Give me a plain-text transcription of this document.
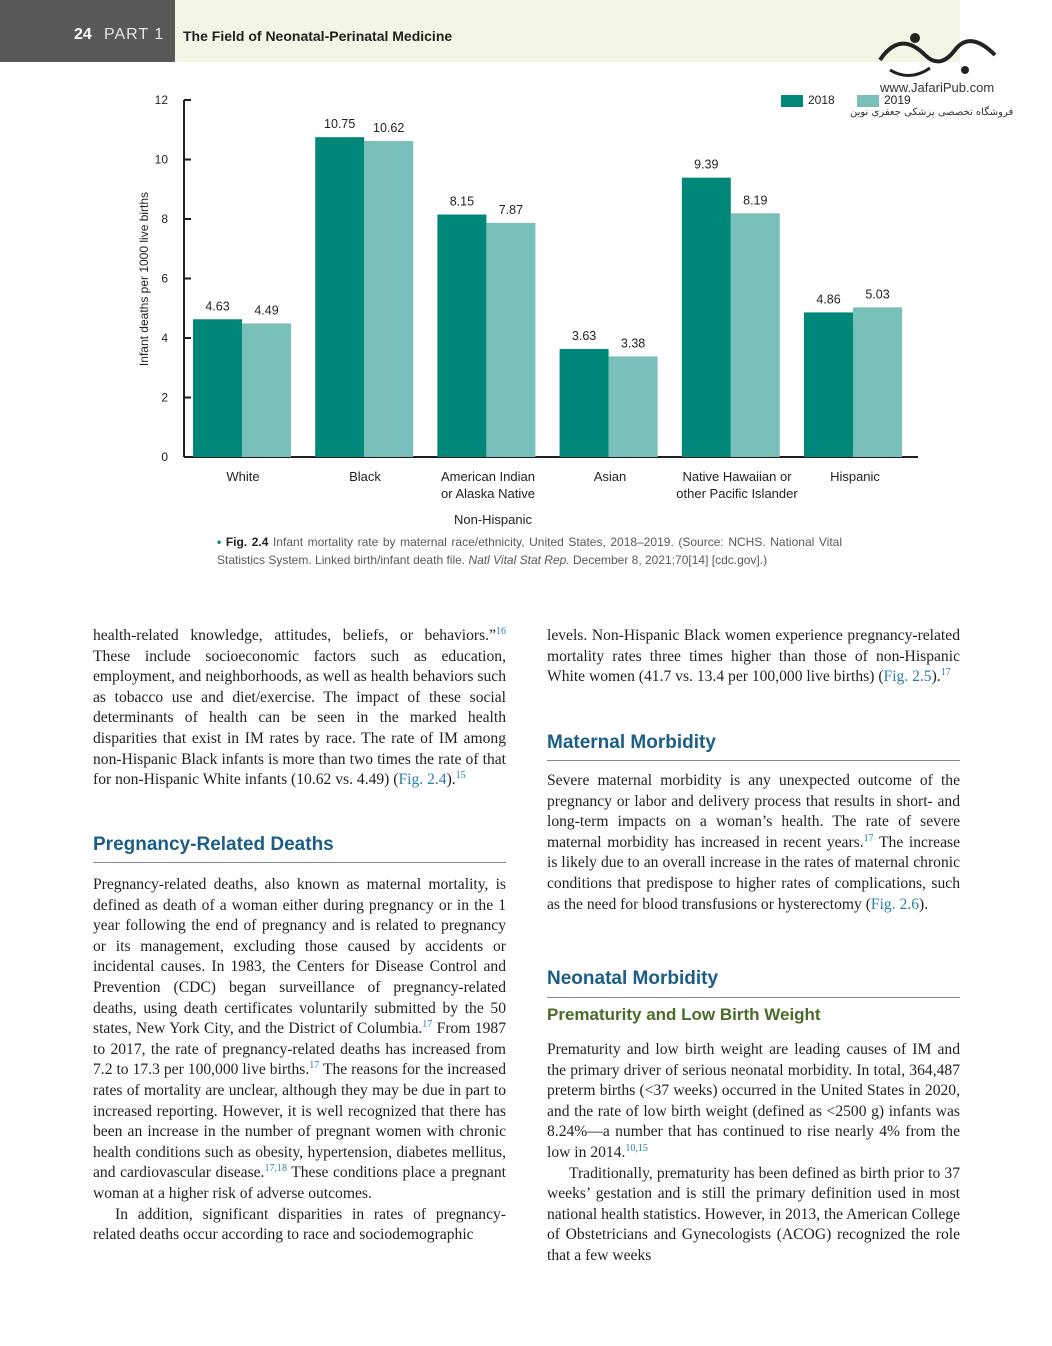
24 PART 1 The Field of Neonatal-Perinatal Medicine
www.JafariPub.com
فروشگاه تخصصی پزشکی جعفری نوین
Infant deaths per 1000 live births
0
2
4
6
8
10
12
4.63
10.75
8.15
3.63
9.39
4.86
4.49
10.62
7.87
3.38
8.19
5.03
2018	2019
White	Black	American Indian
or Alaska Native
Asian	Native Hawaiian or
other Pacific Islander
Hispanic
Non-Hispanic
• Fig. 2.4 Infant mortality rate by maternal race/ethnicity, United States, 2018–2019. (Source: NCHS. National Vital Statistics System. Linked birth/infant death file. Natl Vital Stat Rep. December 8, 2021;70[14] [cdc.gov].)

health-related knowledge, attitudes, beliefs, or behaviors.”$^{16}$ These include socioeconomic factors such as education, employment, and neighborhoods, as well as health behaviors such as tobacco use and diet/exercise. The impact of these social determinants of health can be seen in the marked health disparities that exist in IM rates by race. The rate of IM among non-Hispanic Black infants is more than two times the rate of that for non-Hispanic White infants (10.62 vs. 4.49) (Fig. 2.4).$^{15}$

Pregnancy-Related Deaths

Pregnancy-related deaths, also known as maternal mortality, is defined as death of a woman either during pregnancy or in the 1 year following the end of pregnancy and is related to pregnancy or its management, excluding those caused by accidents or incidental causes. In 1983, the Centers for Disease Control and Prevention (CDC) began surveillance of pregnancy-related deaths, using death certificates voluntarily submitted by the 50 states, New York City, and the District of Columbia.$^{17}$ From 1987 to 2017, the rate of pregnancy-related deaths has increased from 7.2 to 17.3 per 100,000 live births.$^{17}$ The reasons for the increased rates of mortality are unclear, although they may be due in part to increased reporting. However, it is well recognized that there has been an increase in the number of pregnant women with chronic health conditions such as obesity, hypertension, diabetes mellitus, and cardiovascular disease.$^{17,18}$ These conditions place a pregnant woman at a higher risk of adverse outcomes.

In addition, significant disparities in rates of pregnancy-related deaths occur according to race and sociodemographic

levels. Non-Hispanic Black women experience pregnancy-related mortality rates three times higher than those of non-Hispanic White women (41.7 vs. 13.4 per 100,000 live births) (Fig. 2.5).$^{17}$

Maternal Morbidity

Severe maternal morbidity is any unexpected outcome of the pregnancy or labor and delivery process that results in short- and long-term impacts on a woman’s health. The rate of severe maternal morbidity has increased in recent years.$^{17}$ The increase is likely due to an overall increase in the rates of maternal chronic conditions that predispose to higher rates of complications, such as the need for blood transfusions or hysterectomy (Fig. 2.6).

Neonatal Morbidity
Prematurity and Low Birth Weight

Prematurity and low birth weight are leading causes of IM and the primary driver of serious neonatal morbidity. In total, 364,487 preterm births (<37 weeks) occurred in the United States in 2020, and the rate of low birth weight (defined as <2500 g) infants was 8.24%—a number that has continued to rise nearly 4% from the low in 2014.$^{10,15}$

Traditionally, prematurity has been defined as birth prior to 37 weeks’ gestation and is still the primary definition used in most national health statistics. However, in 2013, the American College of Obstetricians and Gynecologists (ACOG) recognized the role that a few weeks
